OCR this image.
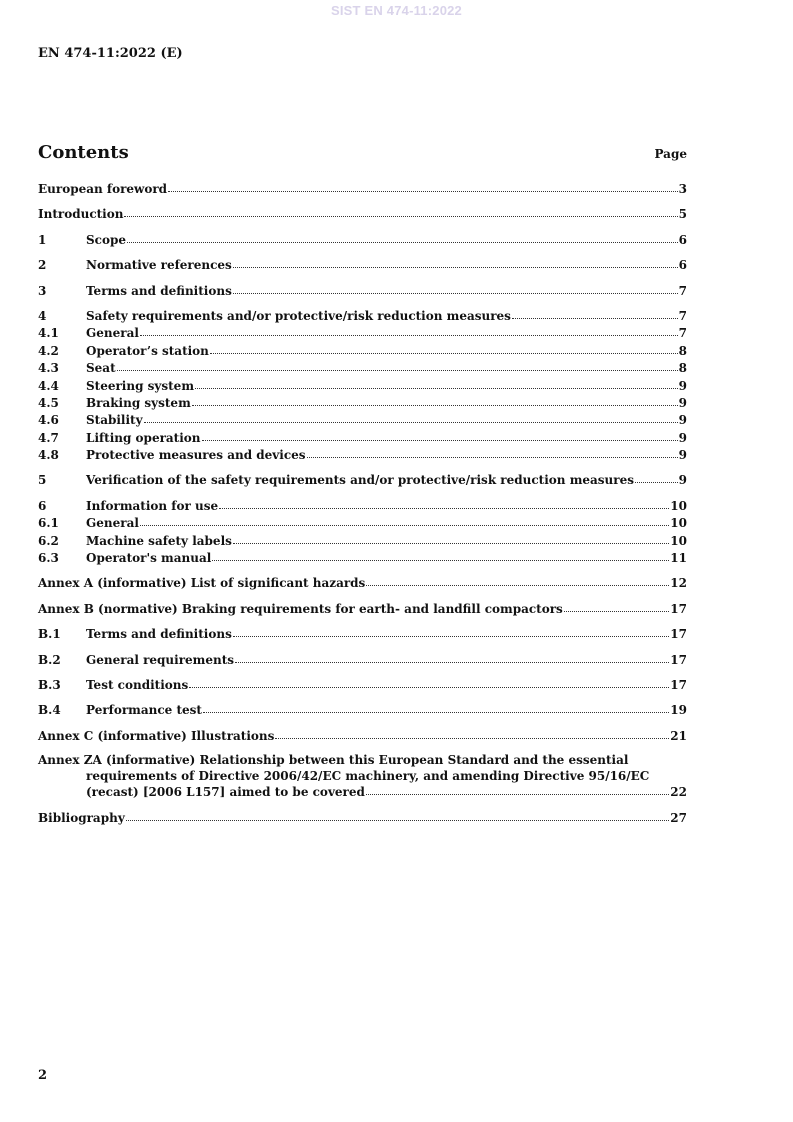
SIST EN 474-11:2022
EN 474-11:2022 (E)
Contents	Page
European foreword	3
Introduction	5
1	Scope	6
2	Normative references	6
3	Terms and definitions	7
4	Safety requirements and/or protective/risk reduction measures	7
4.1	General	7
4.2	Operator’s station	8
4.3	Seat	8
4.4	Steering system	9
4.5	Braking system	9
4.6	Stability	9
4.7	Lifting operation	9
4.8	Protective measures and devices	9
5	Verification of the safety requirements and/or protective/risk reduction measures	9
6	Information for use	10
6.1	General	10
6.2	Machine safety labels	10
6.3	Operator's manual	11
Annex A (informative) List of significant hazards	12
Annex B (normative) Braking requirements for earth- and landfill compactors	17
B.1	Terms and definitions	17
B.2	General requirements	17
B.3	Test conditions	17
B.4	Performance test	19
Annex C (informative) Illustrations	21
Annex ZA (informative) Relationship between this European Standard and the essential
requirements of Directive 2006/42/EC machinery, and amending Directive 95/16/EC
(recast) [2006 L157] aimed to be covered	22
Bibliography	27
2
